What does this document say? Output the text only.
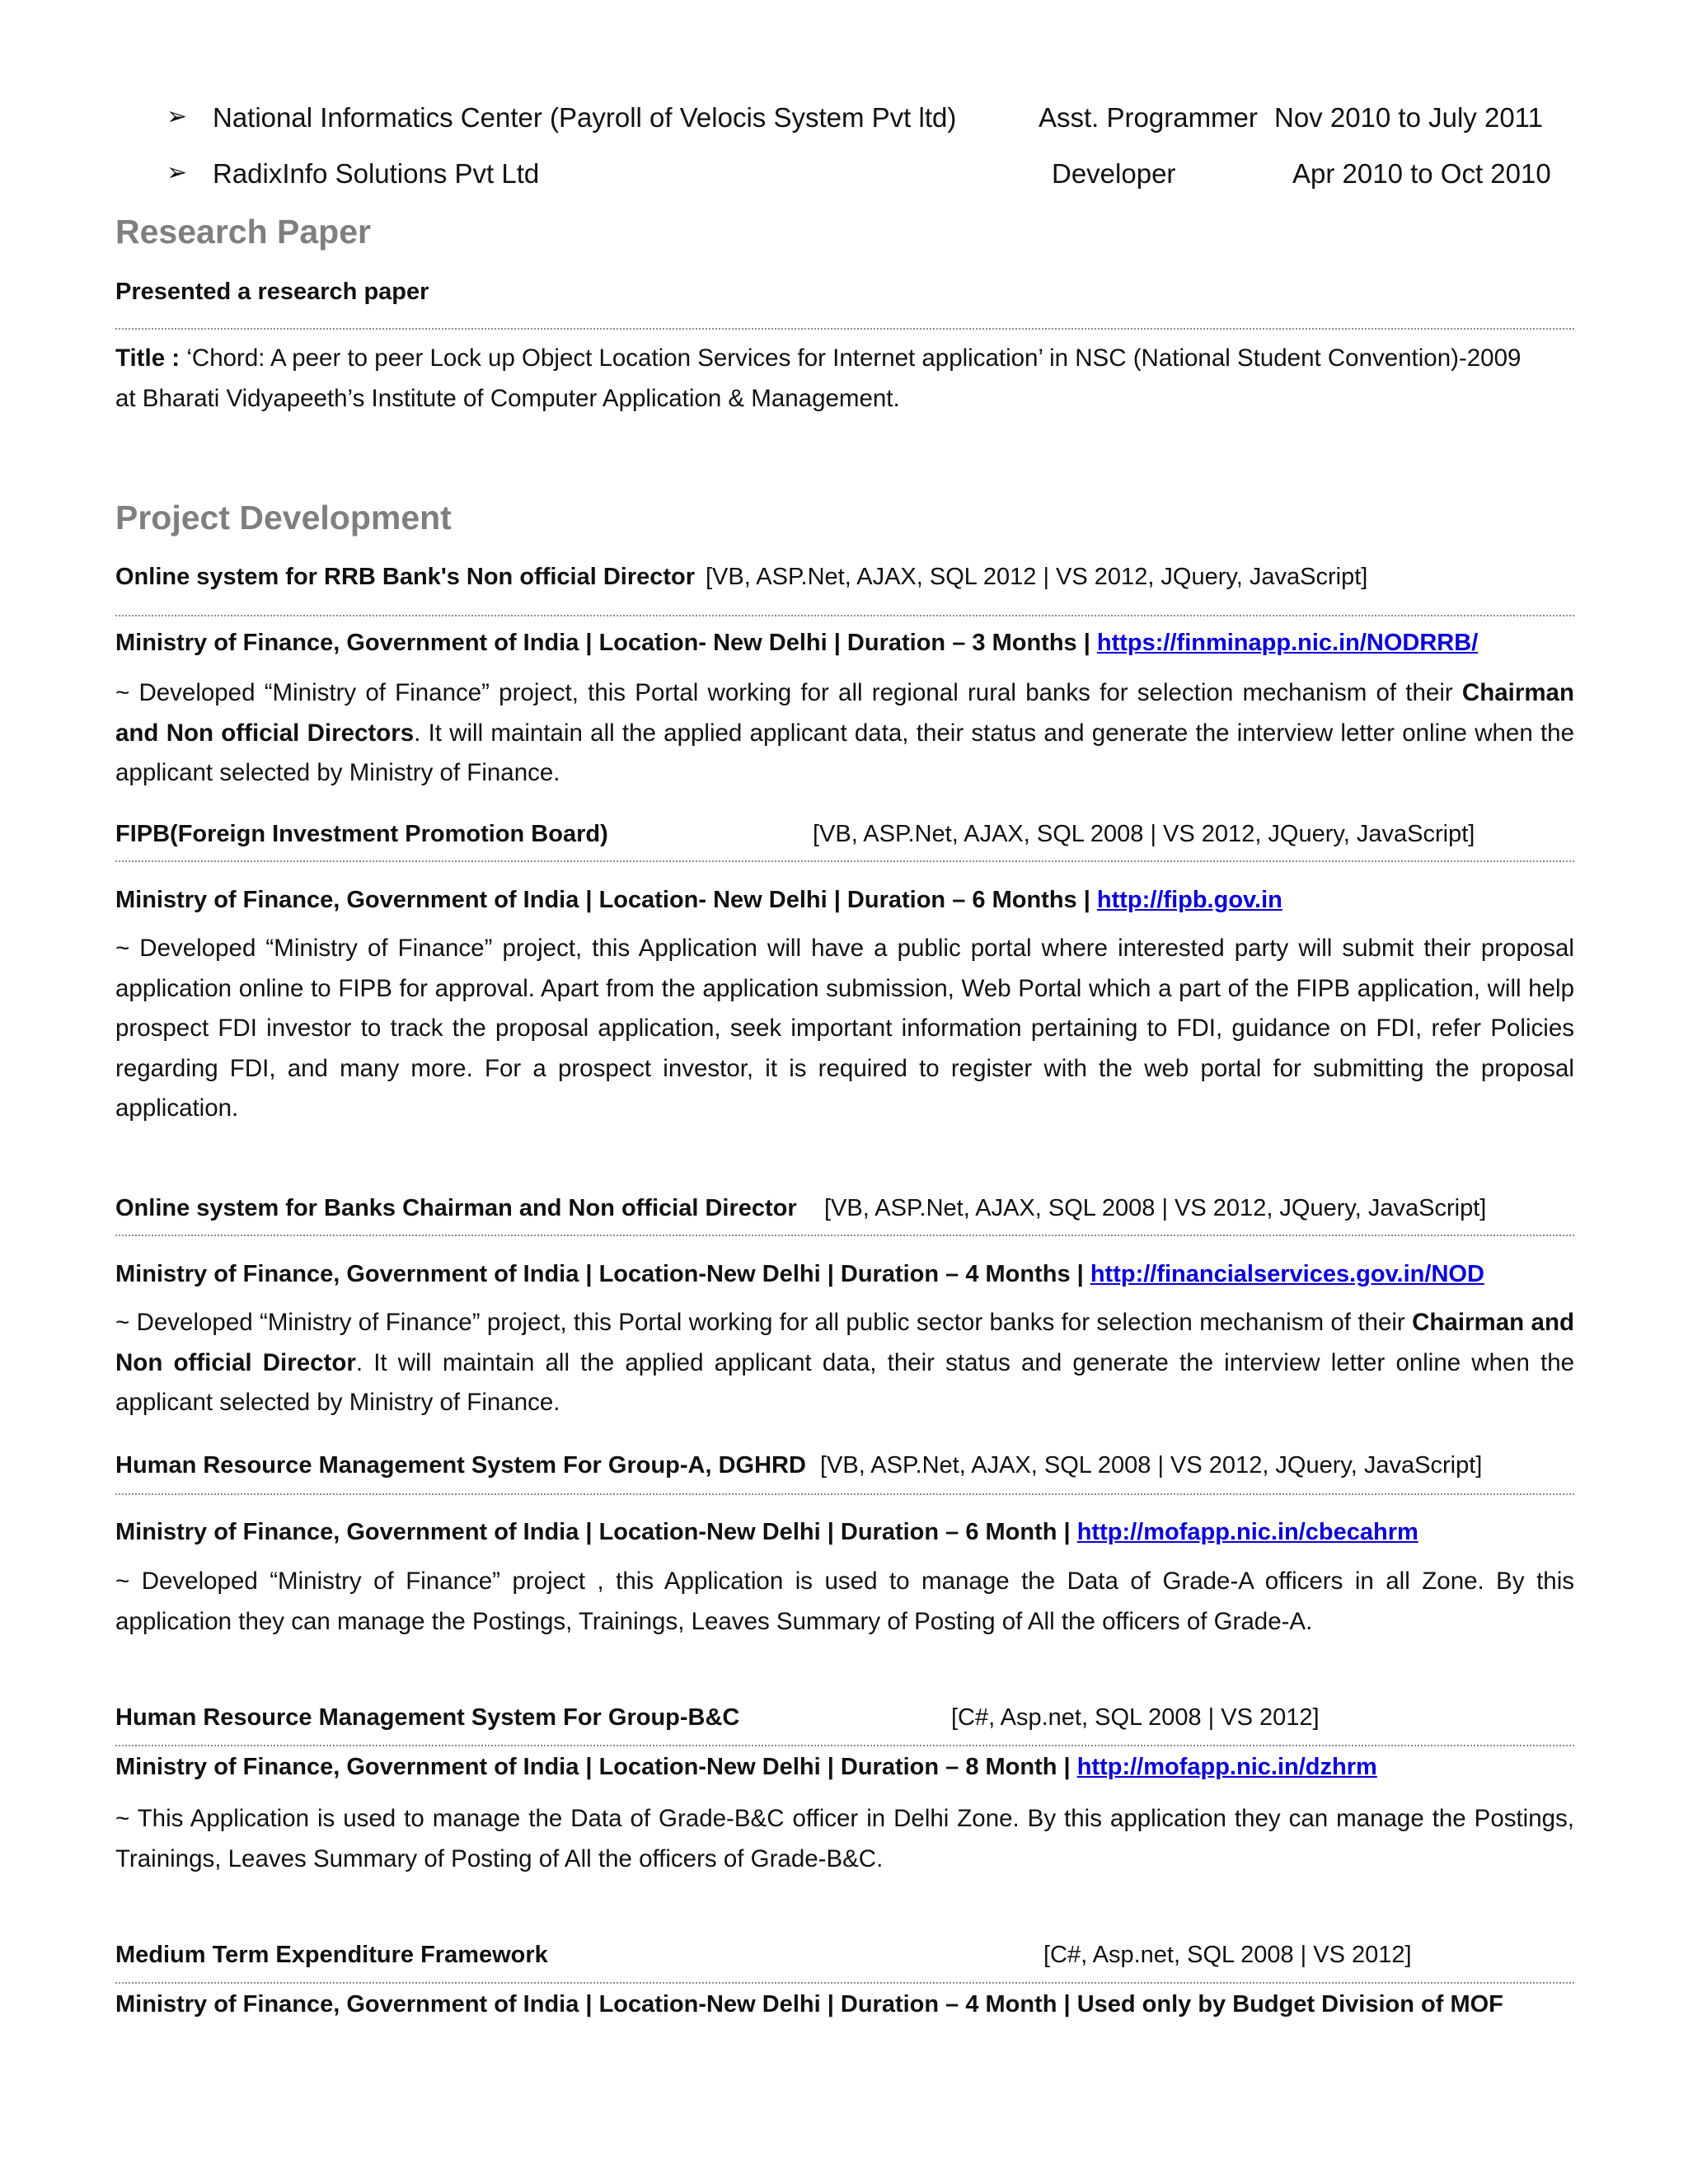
➢ National Informatics Center (Payroll of Velocis System Pvt ltd)	Asst. Programmer Nov 2010 to July 2011
➢ RadixInfo Solutions Pvt Ltd	Developer	Apr 2010 to Oct 2010
Research Paper
Presented a research paper
Title : ‘Chord: A peer to peer Lock up Object Location Services for Internet application’ in NSC (National Student Convention)-2009
at Bharati Vidyapeeth’s Institute of Computer Application & Management.
Project Development
Online system for RRB Bank's Non official Director [VB, ASP.Net, AJAX, SQL 2012 | VS 2012, JQuery, JavaScript]
Ministry of Finance, Government of India | Location- New Delhi | Duration – 3 Months | https://finminapp.nic.in/NODRRB/
~ Developed “Ministry of Finance” project, this Portal working for all regional rural banks for selection mechanism of their Chairman and Non official Directors. It will maintain all the applied applicant data, their status and generate the interview letter online when the applicant selected by Ministry of Finance.
FIPB(Foreign Investment Promotion Board)	[VB, ASP.Net, AJAX, SQL 2008 | VS 2012, JQuery, JavaScript]
Ministry of Finance, Government of India | Location- New Delhi | Duration – 6 Months | http://fipb.gov.in
~ Developed “Ministry of Finance” project, this Application will have a public portal where interested party will submit their proposal application online to FIPB for approval. Apart from the application submission, Web Portal which a part of the FIPB application, will help prospect FDI investor to track the proposal application, seek important information pertaining to FDI, guidance on FDI, refer Policies regarding FDI, and many more. For a prospect investor, it is required to register with the web portal for submitting the proposal application.
Online system for Banks Chairman and Non official Director [VB, ASP.Net, AJAX, SQL 2008 | VS 2012, JQuery, JavaScript]
Ministry of Finance, Government of India | Location-New Delhi | Duration – 4 Months | http://financialservices.gov.in/NOD
~ Developed “Ministry of Finance” project, this Portal working for all public sector banks for selection mechanism of their Chairman and Non official Director. It will maintain all the applied applicant data, their status and generate the interview letter online when the applicant selected by Ministry of Finance.
Human Resource Management System For Group-A, DGHRD [VB, ASP.Net, AJAX, SQL 2008 | VS 2012, JQuery, JavaScript]
Ministry of Finance, Government of India | Location-New Delhi | Duration – 6 Month | http://mofapp.nic.in/cbecahrm
~ Developed “Ministry of Finance” project , this Application is used to manage the Data of Grade-A officers in all Zone. By this application they can manage the Postings, Trainings, Leaves Summary of Posting of All the officers of Grade-A.
Human Resource Management System For Group-B&C	[C#, Asp.net, SQL 2008 | VS 2012]
Ministry of Finance, Government of India | Location-New Delhi | Duration – 8 Month | http://mofapp.nic.in/dzhrm
~ This Application is used to manage the Data of Grade-B&C officer in Delhi Zone. By this application they can manage the Postings, Trainings, Leaves Summary of Posting of All the officers of Grade-B&C.
Medium Term Expenditure Framework	[C#, Asp.net, SQL 2008 | VS 2012]
Ministry of Finance, Government of India | Location-New Delhi | Duration – 4 Month | Used only by Budget Division of MOF
